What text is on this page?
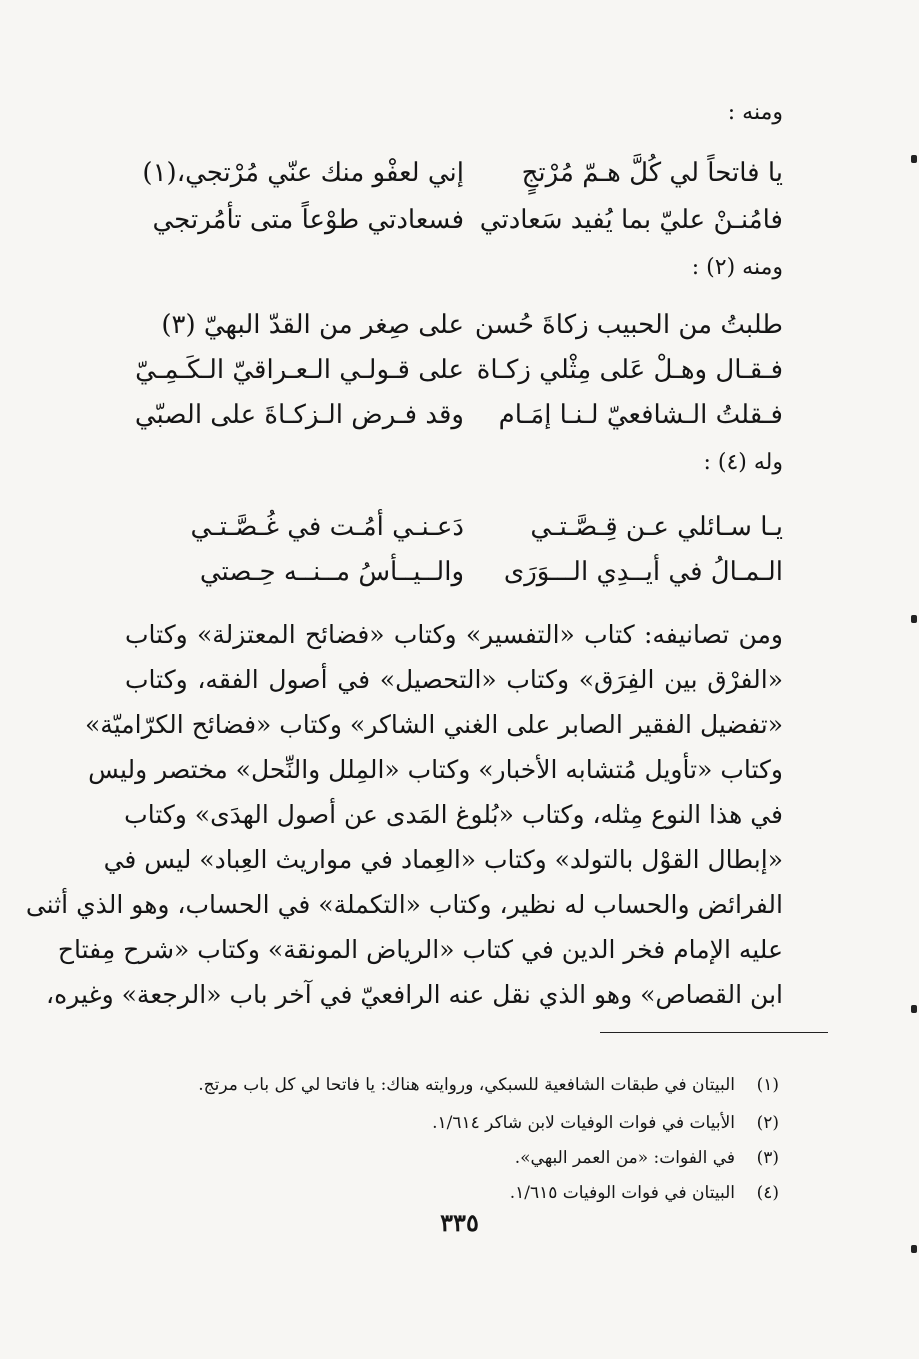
ومنه :
يا فاتحاً لي كُلَّ هـمّ مُرْتجٍ
إني لعفْو منك عنّي مُرْتجي،(١)
فامُنـنْ عليّ بما يُفيد سَعادتي
فسعادتي طوْعاً متى تأمُرتجي
ومنه (٢) :
طلبتُ من الحبيب زكاةَ حُسن
على صِغر من القدّ البهيّ (٣)
فـقـال وهـلْ عَلى مِثْلي زكـاة
على قـولـي الـعـراقيّ الـكَـمِـيّ
فـقلتُ الـشافعيّ لـنـا إمَـام
وقد فـرض الـزكـاةَ على الصبّي
وله (٤) :
يـا سـائلي عـن قِـصَّـتـي
دَعـنـي أمُـت في غُـصَّـتـي
الـمـالُ في أيــدِي الـــوَرَى
والــيــأسُ مــنــه حِـصتي
ومن تصانيفه: كتاب «التفسير» وكتاب «فضائح المعتزلة» وكتاب
«الفرْق بين الفِرَق» وكتاب «التحصيل» في أصول الفقه، وكتاب
«تفضيل الفقير الصابر على الغني الشاكر» وكتاب «فضائح الكرّاميّة»
وكتاب «تأويل مُتشابه الأخبار» وكتاب «المِلل والنِّحل» مختصر وليس
في هذا النوع مِثله، وكتاب «بُلوغ المَدى عن أصول الهدَى» وكتاب
«إبطال القوْل بالتولد» وكتاب «العِماد في مواريث العِباد» ليس في
الفرائض والحساب له نظير، وكتاب «التكملة» في الحساب، وهو الذي أثنى
عليه الإمام فخر الدين في كتاب «الرياض المونقة» وكتاب «شرح مِفتاح
ابن القصاص» وهو الذي نقل عنه الرافعيّ في آخر باب «الرجعة» وغيره،
(١)البيتان في طبقات الشافعية للسبكي، وروايته هناك: يا فاتحا لي كل باب مرتج.
(٢)الأبيات في فوات الوفيات لابن شاكر ١/٦١٤.
(٣)في الفوات: «من العمر البهي».
(٤)البيتان في فوات الوفيات ١/٦١٥.
٣٣٥
